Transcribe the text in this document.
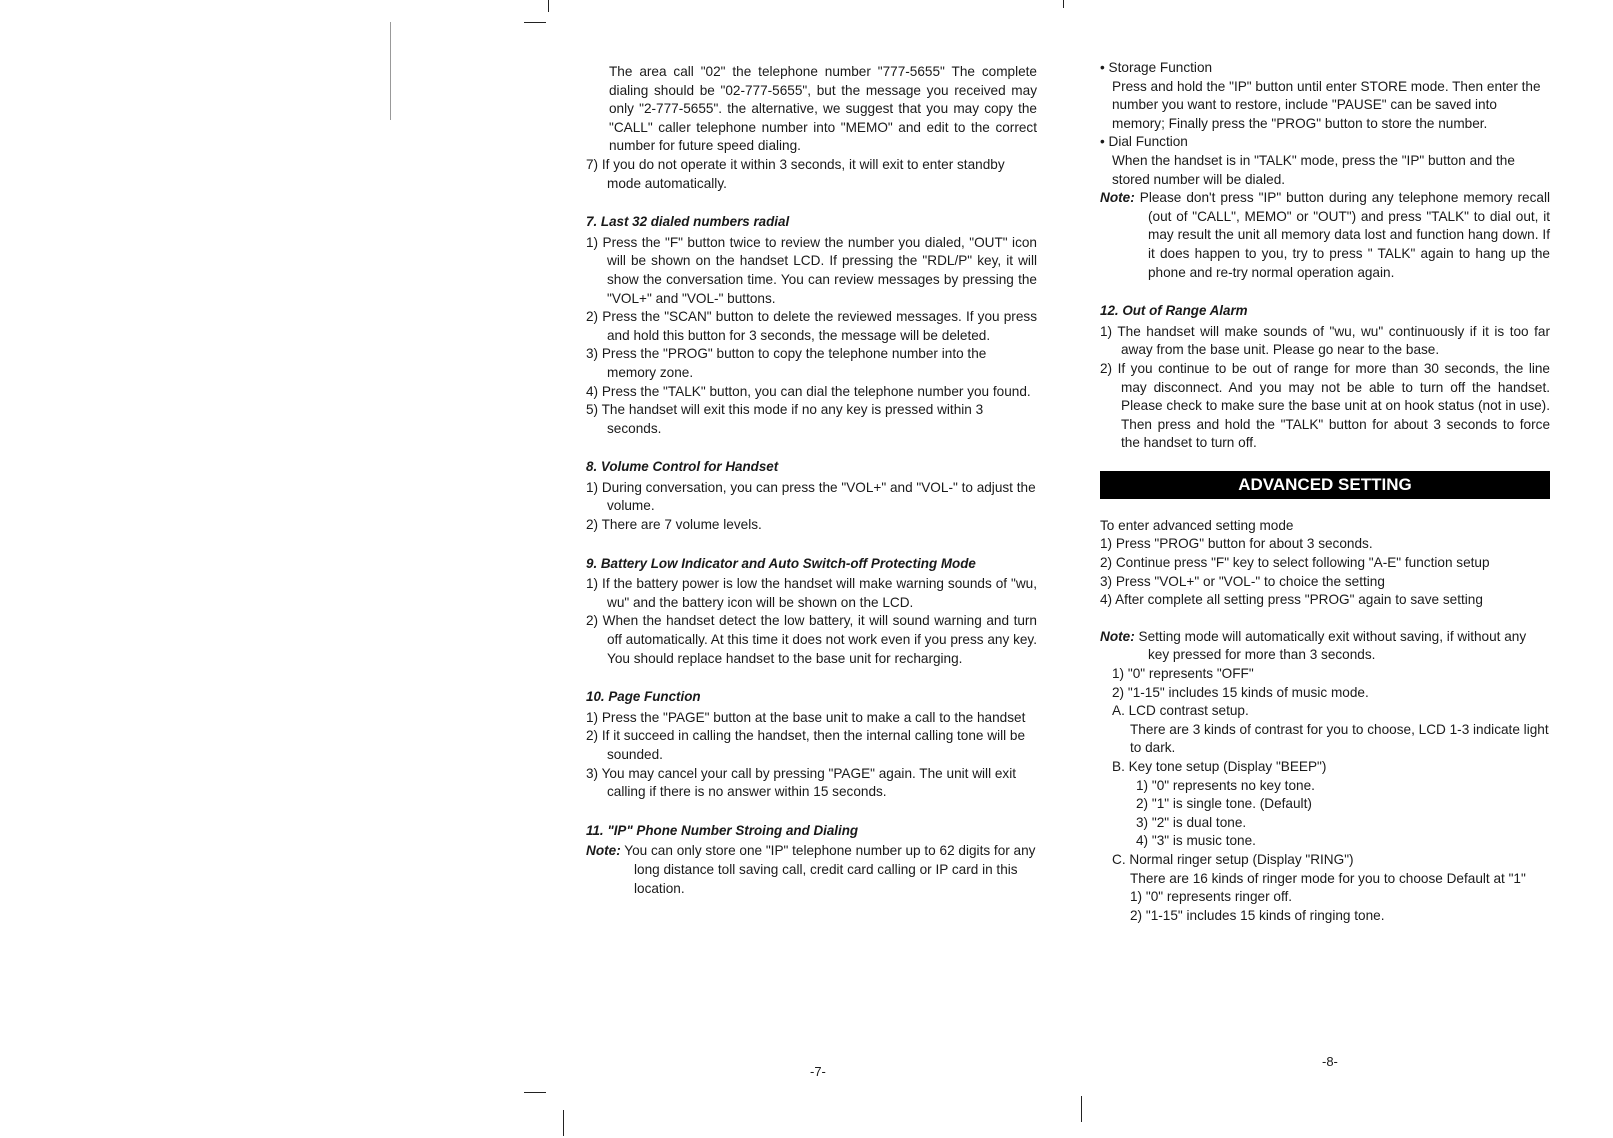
The area call "02" the telephone number "777-5655" The complete dialing should be "02-777-5655", but the message you received may only "2-777-5655". the alternative, we suggest that you may copy the "CALL" caller telephone number into "MEMO" and edit to the correct number for future speed dialing.

7) If you do not operate it within 3 seconds, it will exit to enter standby mode automatically.

7. Last 32 dialed numbers radial

1) Press the "F" button twice to review the number you dialed, "OUT" icon will be shown on the handset LCD. If pressing the "RDL/P" key, it will show the conversation time. You can review messages by pressing the "VOL+" and "VOL-" buttons.

2) Press the "SCAN" button to delete the reviewed messages. If you press and hold this button for 3 seconds, the message will be deleted.

3) Press the "PROG" button to copy the telephone number into the memory zone.

4) Press the "TALK" button, you can dial the telephone number you found.

5) The handset will exit this mode if no any key is pressed within 3 seconds.

8. Volume Control for Handset

1) During conversation, you can press the "VOL+" and "VOL-" to adjust the volume.

2) There are 7 volume levels.

9. Battery Low Indicator and Auto Switch-off Protecting Mode

1) If the battery power is low the handset will make warning sounds of "wu, wu" and the battery icon will be shown on the LCD.

2) When the handset detect the low battery, it will sound warning and turn off automatically. At this time it does not work even if you press any key. You should replace handset to the base unit for recharging.

10. Page Function

1) Press the "PAGE" button at the base unit to make a call to the handset

2) If it succeed in calling the handset, then the internal calling tone will be sounded.

3) You may cancel your call by pressing "PAGE" again. The unit will exit calling if there is no answer within 15 seconds.

11. "IP" Phone Number Stroing and Dialing

Note: You can only store one "IP" telephone number up to 62 digits for any long distance toll saving call, credit card calling or IP card in this location.

-7-

• Storage Function

Press and hold the "IP" button until enter STORE mode. Then enter the number you want to restore, include "PAUSE" can be saved into memory; Finally press the "PROG" button to store the number.

• Dial Function

When the handset is in "TALK" mode, press the "IP" button and the stored number will be dialed.

Note: Please don't press "IP" button during any telephone memory recall (out of "CALL", MEMO" or "OUT") and press "TALK" to dial out, it may result the unit all memory data lost and function hang down. If it does happen to you, try to press " TALK" again to hang up the phone and re-try normal operation again.

12. Out of Range Alarm

1) The handset will make sounds of "wu, wu" continuously if it is too far away from the base unit. Please go near to the base.

2) If you continue to be out of range for more than 30 seconds, the line may disconnect. And you may not be able to turn off the handset. Please check to make sure the base unit at on hook status (not in use). Then press and hold the "TALK" button for about 3 seconds to force the handset to turn off.

ADVANCED SETTING

To enter advanced setting mode

1) Press "PROG" button for about 3 seconds.

2) Continue press "F" key to select following "A-E" function setup

3) Press "VOL+" or "VOL-" to choice the setting

4) After complete all setting press "PROG" again to save setting

Note: Setting mode will automatically exit without saving, if without any key pressed for more than 3 seconds.

1) "0" represents "OFF"

2) "1-15" includes 15 kinds of music mode.

A. LCD contrast setup.

There are 3 kinds of contrast for you to choose, LCD 1-3 indicate light to dark.

B. Key tone setup (Display "BEEP")

1) "0" represents no key tone.

2) "1" is single tone. (Default)

3) "2" is dual tone.

4) "3" is music tone.

C. Normal ringer setup (Display "RING")

There are 16 kinds of ringer mode for you to choose Default at "1"

1) "0" represents ringer off.

2) "1-15" includes 15 kinds of ringing tone.

-8-
